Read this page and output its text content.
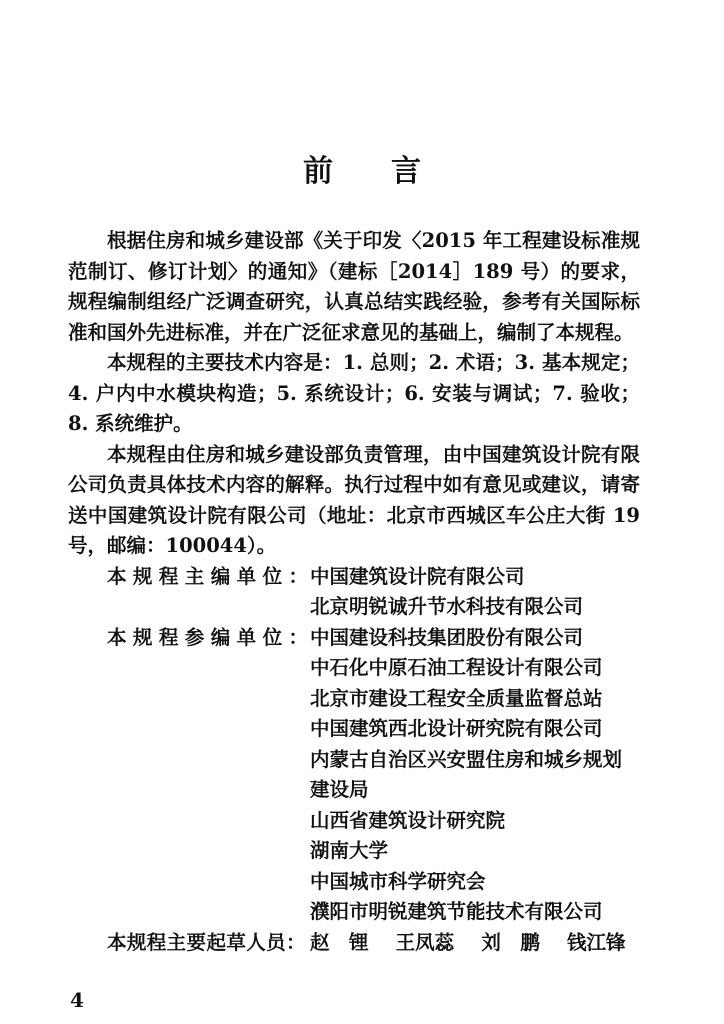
前 言

根据住房和城乡建设部《关于印发〈2015 年工程建设标准规范制订、修订计划〉的通知》（建标［2014］189 号）的要求，规程编制组经广泛调查研究，认真总结实践经验，参考有关国际标准和国外先进标准，并在广泛征求意见的基础上，编制了本规程。

本规程的主要技术内容是：1. 总则；2. 术语；3. 基本规定；4. 户内中水模块构造；5. 系统设计；6. 安装与调试；7. 验收；8. 系统维护。

本规程由住房和城乡建设部负责管理，由中国建筑设计院有限公司负责具体技术内容的解释。执行过程中如有意见或建议，请寄送中国建筑设计院有限公司（地址：北京市西城区车公庄大街 19 号，邮编：100044）。

本规程主编单位：
中国建筑设计院有限公司
北京明锐诚升节水科技有限公司
本规程参编单位：
中国建设科技集团股份有限公司
中石化中原石油工程设计有限公司
北京市建设工程安全质量监督总站
中国建筑西北设计研究院有限公司
内蒙古自治区兴安盟住房和城乡规划
建设局
山西省建筑设计研究院
湖南大学
中国城市科学研究会
濮阳市明锐建筑节能技术有限公司
本规程主要起草人员： 赵　锂 王凤蕊 刘　鹏 钱江锋
4
